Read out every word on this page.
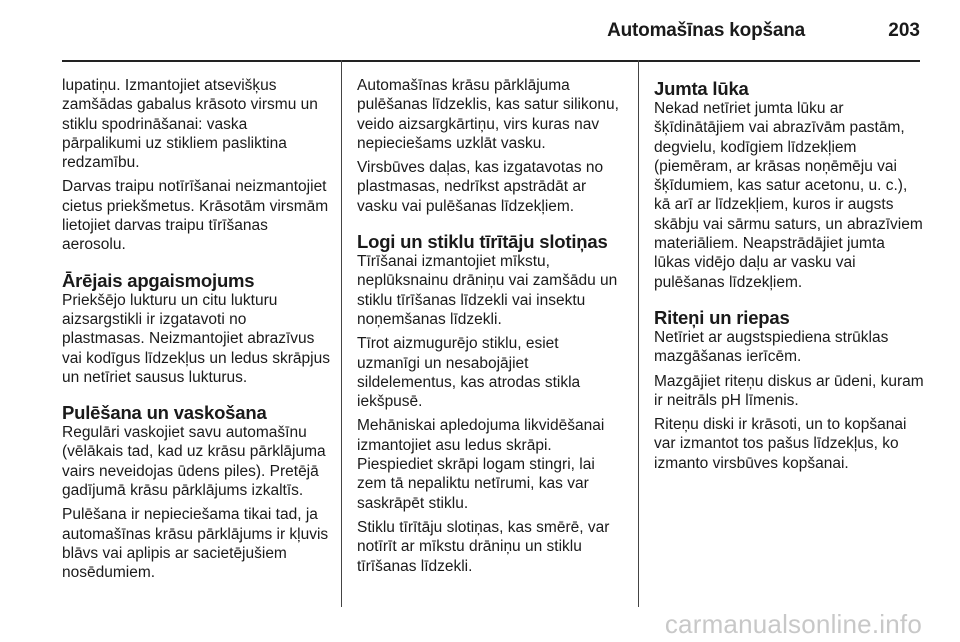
Automašīnas kopšana	203

lupatiņu. Izmantojiet atsevišķus zamšādas gabalus krāsoto virsmu un stiklu spodrināšanai: vaska pārpalikumi uz stikliem pasliktina redzamību.

Darvas traipu notīrīšanai neizmantojiet cietus priekšmetus. Krāsotām virsmām lietojiet darvas traipu tīrīšanas aerosolu.

Ārējais apgaismojums

Priekšējo lukturu un citu lukturu aizsargstikli ir izgatavoti no plastmasas. Neizmantojiet abrazīvus vai kodīgus līdzekļus un ledus skrāpjus un netīriet sausus lukturus.

Pulēšana un vaskošana

Regulāri vaskojiet savu automašīnu (vēlākais tad, kad uz krāsu pārklājuma vairs neveidojas ūdens piles). Pretējā gadījumā krāsu pārklājums izkaltīs.

Pulēšana ir nepieciešama tikai tad, ja automašīnas krāsu pārklājums ir kļuvis blāvs vai aplipis ar sacietējušiem nosēdumiem.

Automašīnas krāsu pārklājuma pulēšanas līdzeklis, kas satur silikonu, veido aizsargkārtiņu, virs kuras nav nepieciešams uzklāt vasku.

Virsbūves daļas, kas izgatavotas no plastmasas, nedrīkst apstrādāt ar vasku vai pulēšanas līdzekļiem.

Logi un stiklu tīrītāju slotiņas

Tīrīšanai izmantojiet mīkstu, neplūksnainu drāniņu vai zamšādu un stiklu tīrīšanas līdzekli vai insektu noņemšanas līdzekli.

Tīrot aizmugurējo stiklu, esiet uzmanīgi un nesabojājiet sildelementus, kas atrodas stikla iekšpusē.

Mehāniskai apledojuma likvidēšanai izmantojiet asu ledus skrāpi. Piespiediet skrāpi logam stingri, lai zem tā nepaliktu netīrumi, kas var saskrāpēt stiklu.

Stiklu tīrītāju slotiņas, kas smērē, var notīrīt ar mīkstu drāniņu un stiklu tīrīšanas līdzekli.

Jumta lūka

Nekad netīriet jumta lūku ar šķīdinātājiem vai abrazīvām pastām, degvielu, kodīgiem līdzekļiem (piemēram, ar krāsas noņēmēju vai šķīdumiem, kas satur acetonu, u. c.), kā arī ar līdzekļiem, kuros ir augsts skābju vai sārmu saturs, un abrazīviem materiāliem. Neapstrādājiet jumta lūkas vidējo daļu ar vasku vai pulēšanas līdzekļiem.

Riteņi un riepas

Netīriet ar augstspiediena strūklas mazgāšanas ierīcēm.

Mazgājiet riteņu diskus ar ūdeni, kuram ir neitrāls pH līmenis.

Riteņu diski ir krāsoti, un to kopšanai var izmantot tos pašus līdzekļus, ko izmanto virsbūves kopšanai.

carmanualsonline.info
